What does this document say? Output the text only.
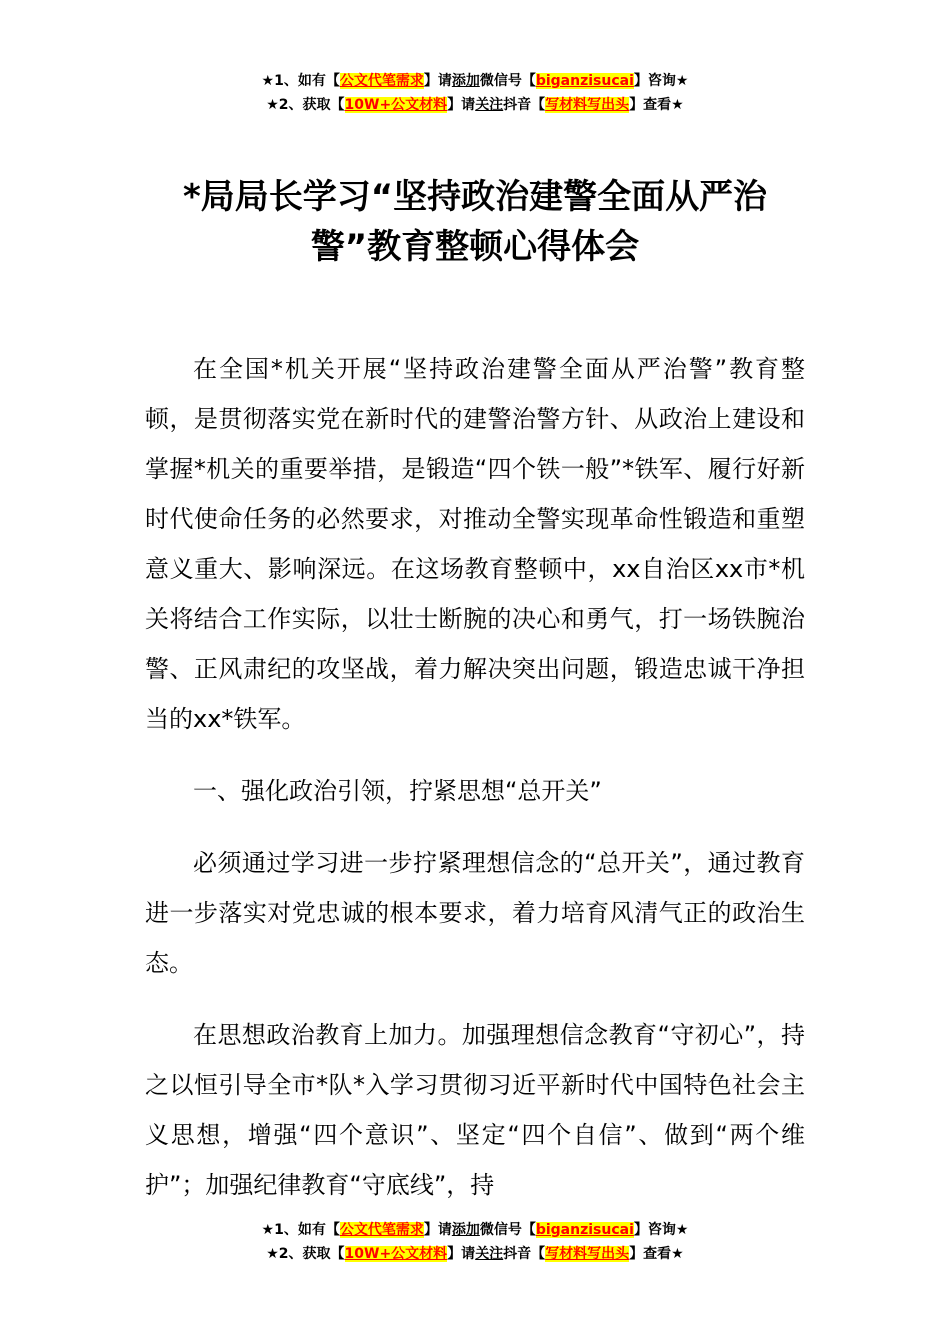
★1、如有【公文代笔需求】请添加微信号【biganzisucai】咨询★
★2、获取【10W+公文材料】请关注抖音【写材料写出头】查看★
*局局长学习“坚持政治建警全面从严治警”教育整顿心得体会

在全国*机关开展“坚持政治建警全面从严治警”教育整顿，是贯彻落实党在新时代的建警治警方针、从政治上建设和掌握*机关的重要举措，是锻造“四个铁一般”*铁军、履行好新时代使命任务的必然要求，对推动全警实现革命性锻造和重塑意义重大、影响深远。在这场教育整顿中，xx自治区xx市*机关将结合工作实际，以壮士断腕的决心和勇气，打一场铁腕治警、正风肃纪的攻坚战，着力解决突出问题，锻造忠诚干净担当的xx*铁军。

一、强化政治引领，拧紧思想“总开关”

必须通过学习进一步拧紧理想信念的“总开关”，通过教育进一步落实对党忠诚的根本要求，着力培育风清气正的政治生态。

在思想政治教育上加力。加强理想信念教育“守初心”，持之以恒引导全市*队*入学习贯彻习近平新时代中国特色社会主义思想，增强“四个意识”、坚定“四个自信”、做到“两个维护”；加强纪律教育“守底线”，持

★1、如有【公文代笔需求】请添加微信号【biganzisucai】咨询★
★2、获取【10W+公文材料】请关注抖音【写材料写出头】查看★
